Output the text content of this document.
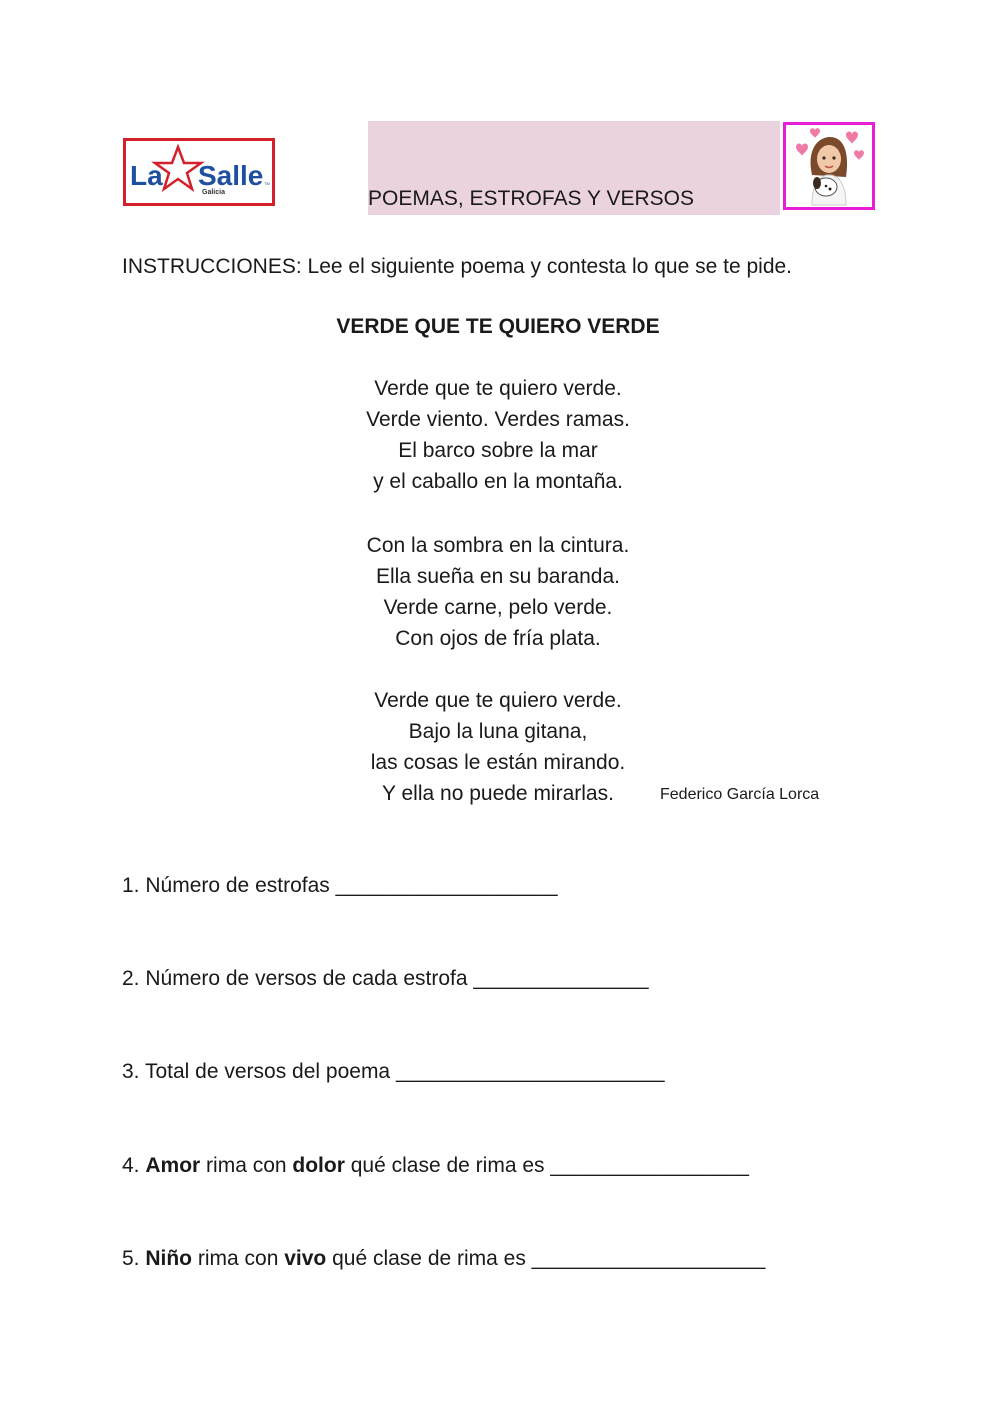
La Salle TM
Galicia	POEMAS, ESTROFAS Y VERSOS
INSTRUCCIONES: Lee el siguiente poema y contesta lo que se te pide.
VERDE QUE TE QUIERO VERDE
Verde que te quiero verde.
Verde viento. Verdes ramas.
El barco sobre la mar
y el caballo en la montaña.
Con la sombra en la cintura.
Ella sueña en su baranda.
Verde carne, pelo verde.
Con ojos de fría plata.
Verde que te quiero verde.
Bajo la luna gitana,
las cosas le están mirando.
Y ella no puede mirarlas.	Federico García Lorca
1. Número de estrofas ___________________
2. Número de versos de cada estrofa _______________
3. Total de versos del poema _______________________
4. Amor rima con dolor qué clase de rima es _________________
5. Niño rima con vivo qué clase de rima es ____________________
